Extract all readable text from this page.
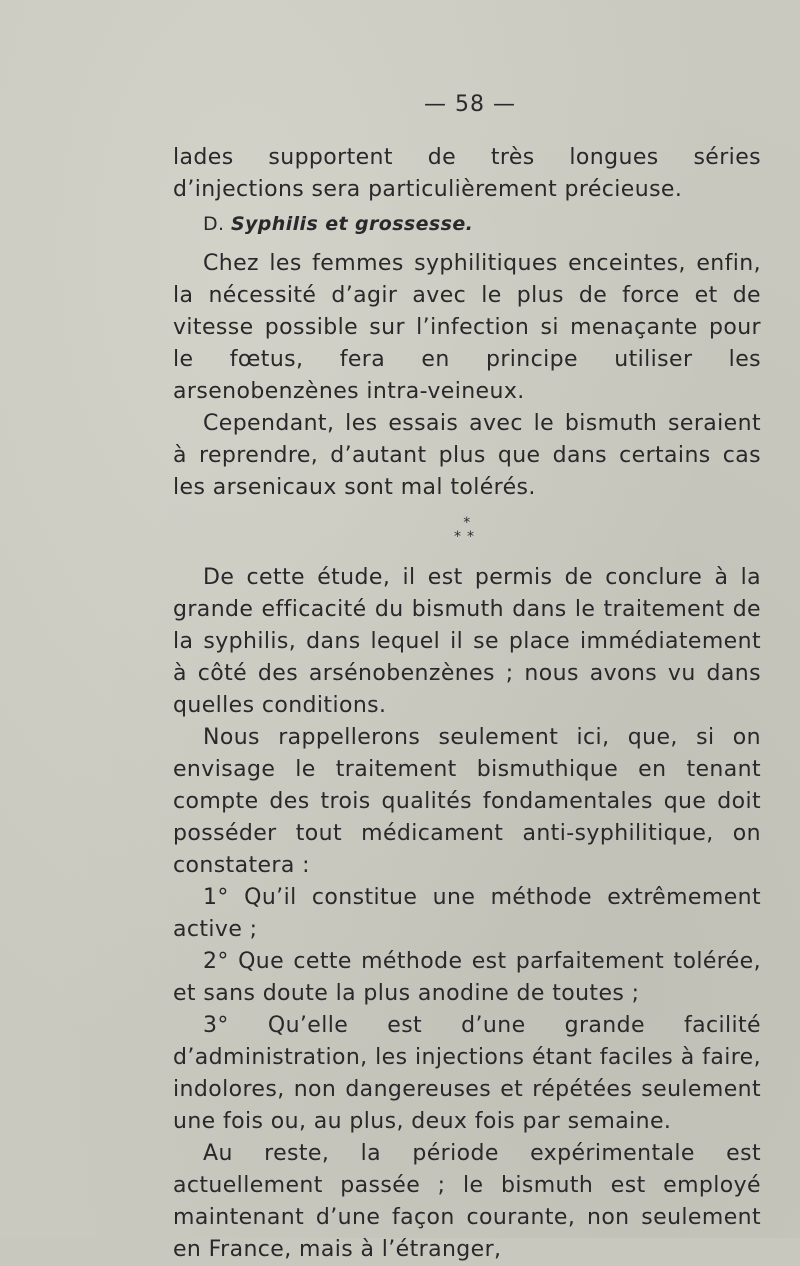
— 58 —

lades supportent de très longues séries d’injections sera particulièrement précieuse.

D. Syphilis et grossesse.

Chez les femmes syphilitiques enceintes, enfin, la nécessité d’agir avec le plus de force et de vitesse possible sur l’infection si menaçante pour le fœtus, fera en principe utiliser les arsenobenzènes intra-veineux.

Cependant, les essais avec le bismuth seraient à reprendre, d’autant plus que dans certains cas les arsenicaux sont mal tolérés.

*
**

De cette étude, il est permis de conclure à la grande efficacité du bismuth dans le traitement de la syphilis, dans lequel il se place immédiatement à côté des arsénobenzènes ; nous avons vu dans quelles conditions.

Nous rappellerons seulement ici, que, si on envisage le traitement bismuthique en tenant compte des trois qualités fondamentales que doit posséder tout médicament anti-syphilitique, on constatera :

1° Qu’il constitue une méthode extrêmement active ;

2° Que cette méthode est parfaitement tolérée, et sans doute la plus anodine de toutes ;

3° Qu’elle est d’une grande facilité d’administration, les injections étant faciles à faire, indolores, non dangereuses et répétées seulement une fois ou, au plus, deux fois par semaine.

Au reste, la période expérimentale est actuellement passée ; le bismuth est employé maintenant d’une façon courante, non seulement en France, mais à l’étranger,
